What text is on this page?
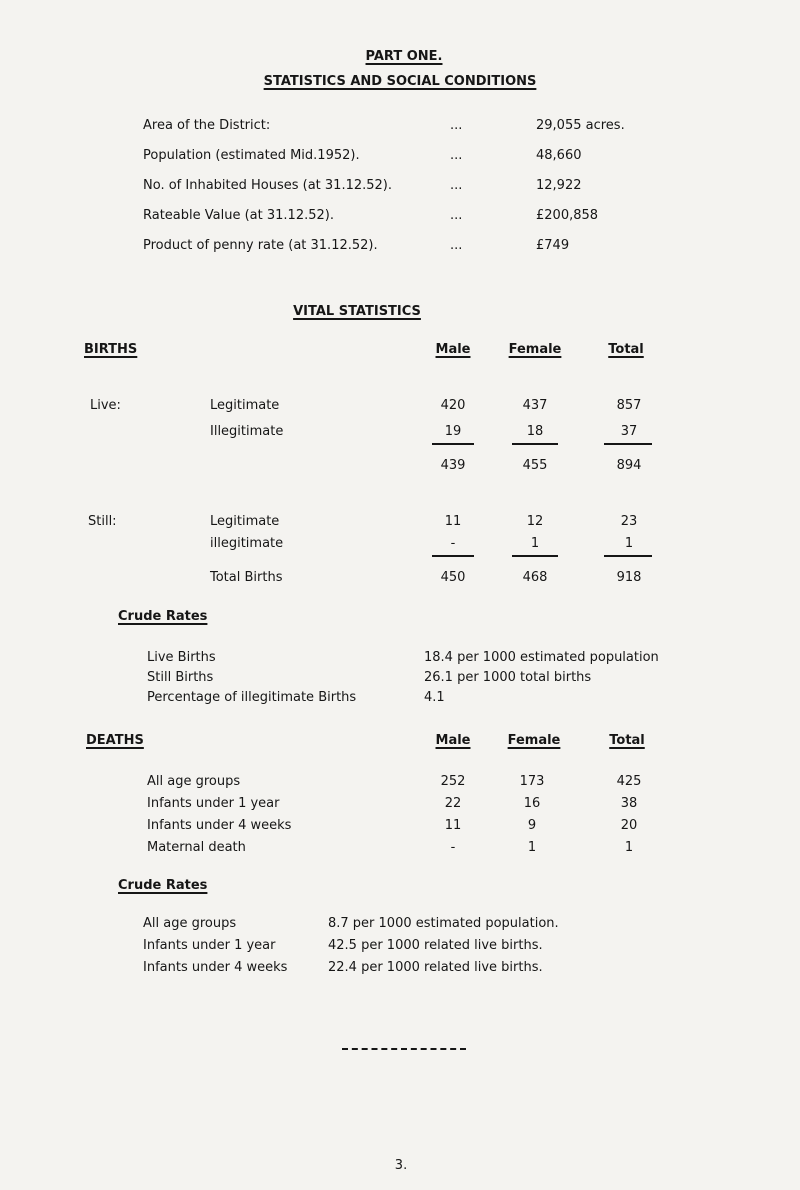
PART ONE.
STATISTICS AND SOCIAL CONDITIONS
Area of the District:	...	29,055 acres.
Population (estimated Mid.1952).	...	48,660
No. of Inhabited Houses (at 31.12.52).	...	12,922
Rateable Value (at 31.12.52).	...	£200,858
Product of penny rate (at 31.12.52).	...	£749
VITAL STATISTICS
BIRTHS	Male	Female	Total
Live:	Legitimate	420	437	857
Illegitimate	19	18	37
439	455	894
Still:	Legitimate	11	12	23
illegitimate	-	1	1
Total Births	450	468	918
Crude Rates
Live Births	18.4 per 1000 estimated population
Still Births	26.1 per 1000 total births
Percentage of illegitimate Births	4.1
DEATHS	Male	Female	Total
All age groups	252	173	425
Infants under 1 year	22	16	38
Infants under 4 weeks	11	9	20
Maternal death	-	1	1
Crude Rates
All age groups	8.7 per 1000 estimated population.
Infants under 1 year	42.5 per 1000 related live births.
Infants under 4 weeks	22.4 per 1000 related live births.
3.
